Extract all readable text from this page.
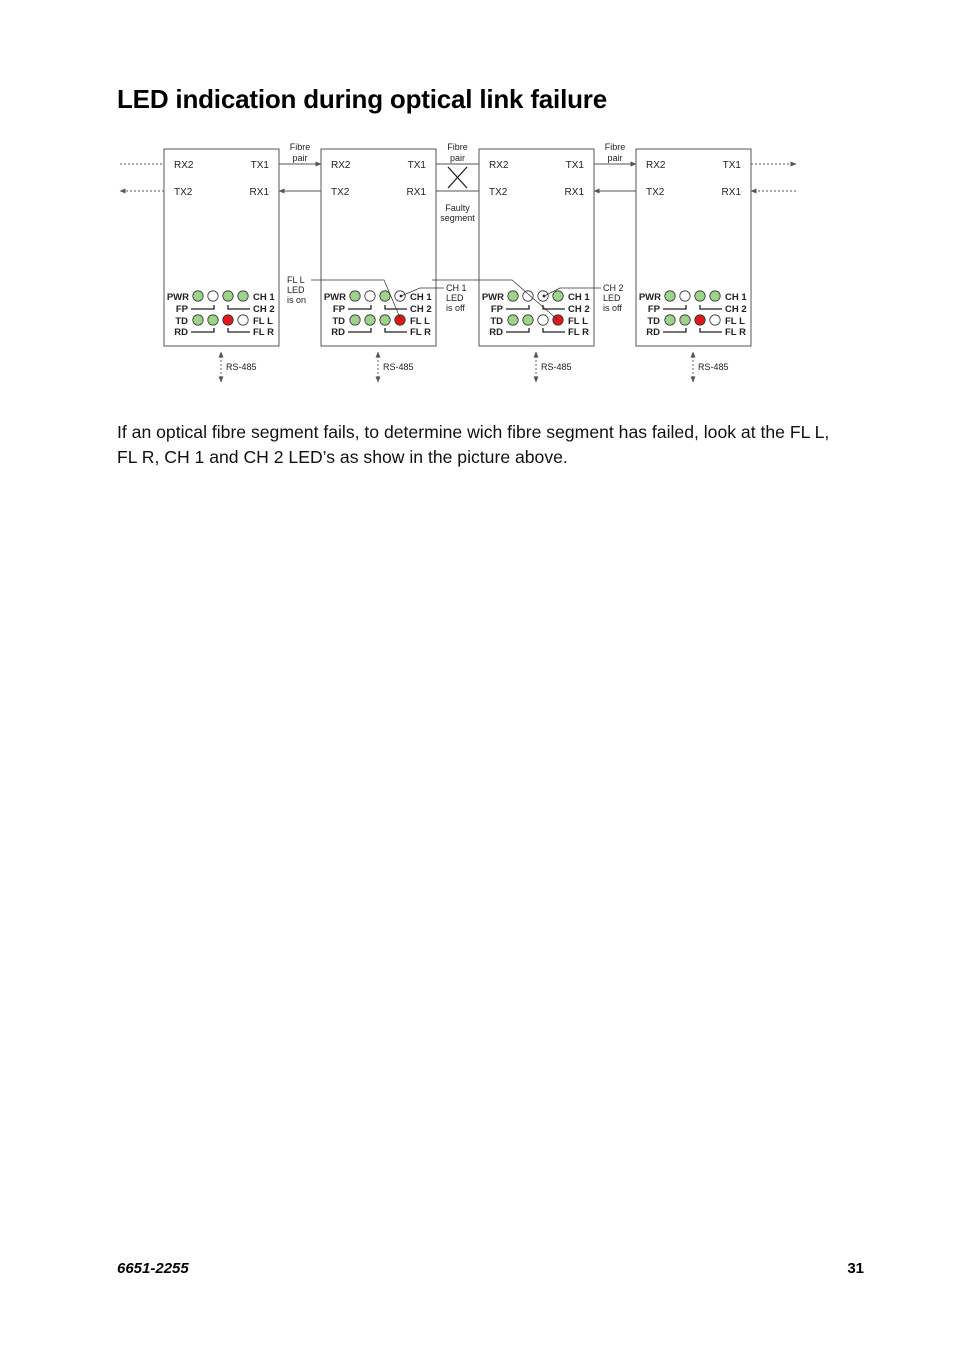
LED indication during optical link failure
RX2	TX1
TX2	RX1
PWR
FP
TD
RD
CH 1
CH 2
FL L
FL R
RS-485
RX2	TX1
TX2	RX1
PWR
FP
TD
RD
CH 1
CH 2
FL L
FL R
RS-485
RX2	TX1
TX2	RX1
PWR
FP
TD
RD
CH 1
CH 2
FL L
FL R
RS-485
RX2	TX1
TX2	RX1
PWR
FP
TD
RD
CH 1
CH 2
FL L
FL R
RS-485
Fibre
pair
Fibre
pair
Faulty
segment
Fibre
pair
FL L
LED
is on
CH 1
LED
is off
CH 2
LED
is off

If an optical fibre segment fails, to determine wich fibre segment has failed, look at the FL L, FL R, CH 1 and CH 2 LED’s as show in the picture above.

6651-2255	31
